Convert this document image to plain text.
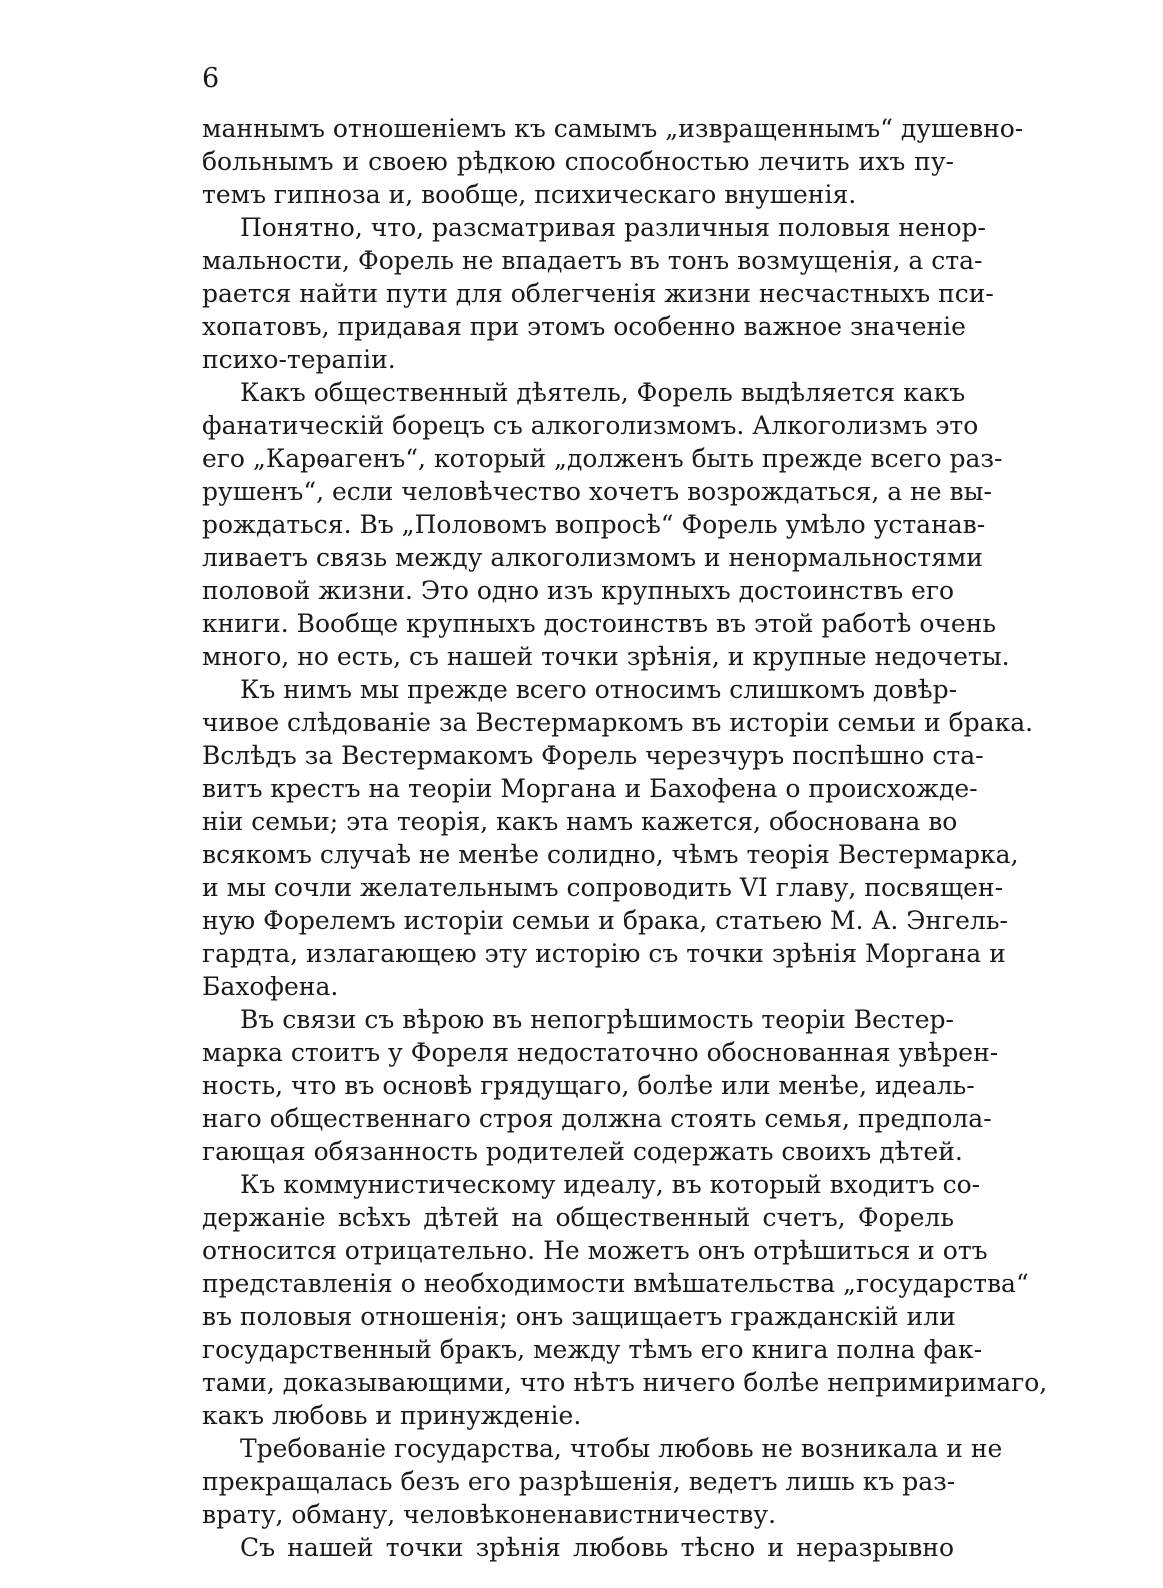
6
маннымъ отношеніемъ къ самымъ „извращеннымъ“ душевно-
больнымъ и своею рѣдкою способностью лечить ихъ пу-
темъ гипноза и, вообще, психическаго внушенія.
Понятно, что, разсматривая различныя половыя ненор-
мальности, Форель не впадаетъ въ тонъ возмущенія, а ста-
рается найти пути для облегченія жизни несчастныхъ пси-
хопатовъ, придавая при этомъ особенно важное значеніе
психо-терапіи.
Какъ общественный дѣятель, Форель выдѣляется какъ
фанатическій борецъ съ алкоголизмомъ. Алкоголизмъ это
его „Карѳагенъ“, который „долженъ быть прежде всего раз-
рушенъ“, если человѣчество хочетъ возрождаться, а не вы-
рождаться. Въ „Половомъ вопросѣ“ Форель умѣло устанав-
ливаетъ связь между алкоголизмомъ и ненормальностями
половой жизни. Это одно изъ крупныхъ достоинствъ его
книги. Вообще крупныхъ достоинствъ въ этой работѣ очень
много, но есть, съ нашей точки зрѣнія, и крупные недочеты.
Къ нимъ мы прежде всего относимъ слишкомъ довѣр-
чивое слѣдованіе за Вестермаркомъ въ исторіи семьи и брака.
Вслѣдъ за Вестермакомъ Форель черезчуръ поспѣшно ста-
витъ крестъ на теоріи Моргана и Бахофена о происхожде-
ніи семьи; эта теорія, какъ намъ кажется, обоснована во
всякомъ случаѣ не менѣе солидно, чѣмъ теорія Вестермарка,
и мы сочли желательнымъ сопроводить VI главу, посвящен-
ную Форелемъ исторіи семьи и брака, статьею М. А. Энгель-
гардта, излагающею эту исторію съ точки зрѣнія Моргана и
Бахофена.
Въ связи съ вѣрою въ непогрѣшимость теоріи Вестер-
марка стоитъ у Фореля недостаточно обоснованная увѣрен-
ность, что въ основѣ грядущаго, болѣе или менѣе, идеаль-
наго общественнаго строя должна стоять семья, предпола-
гающая обязанность родителей содержать своихъ дѣтей.
Къ коммунистическому идеалу, въ который входитъ со-
держаніе всѣхъ дѣтей на общественный счетъ, Форель
относится отрицательно. Не можетъ онъ отрѣшиться и отъ
представленія о необходимости вмѣшательства „государства“
въ половыя отношенія; онъ защищаетъ гражданскій или
государственный бракъ, между тѣмъ его книга полна фак-
тами, доказывающими, что нѣтъ ничего болѣе непримиримаго,
какъ любовь и принужденіе.
Требованіе государства, чтобы любовь не возникала и не
прекращалась безъ его разрѣшенія, ведетъ лишь къ раз-
врату, обману, человѣконенавистничеству.
Съ нашей точки зрѣнія любовь тѣсно и неразрывно
